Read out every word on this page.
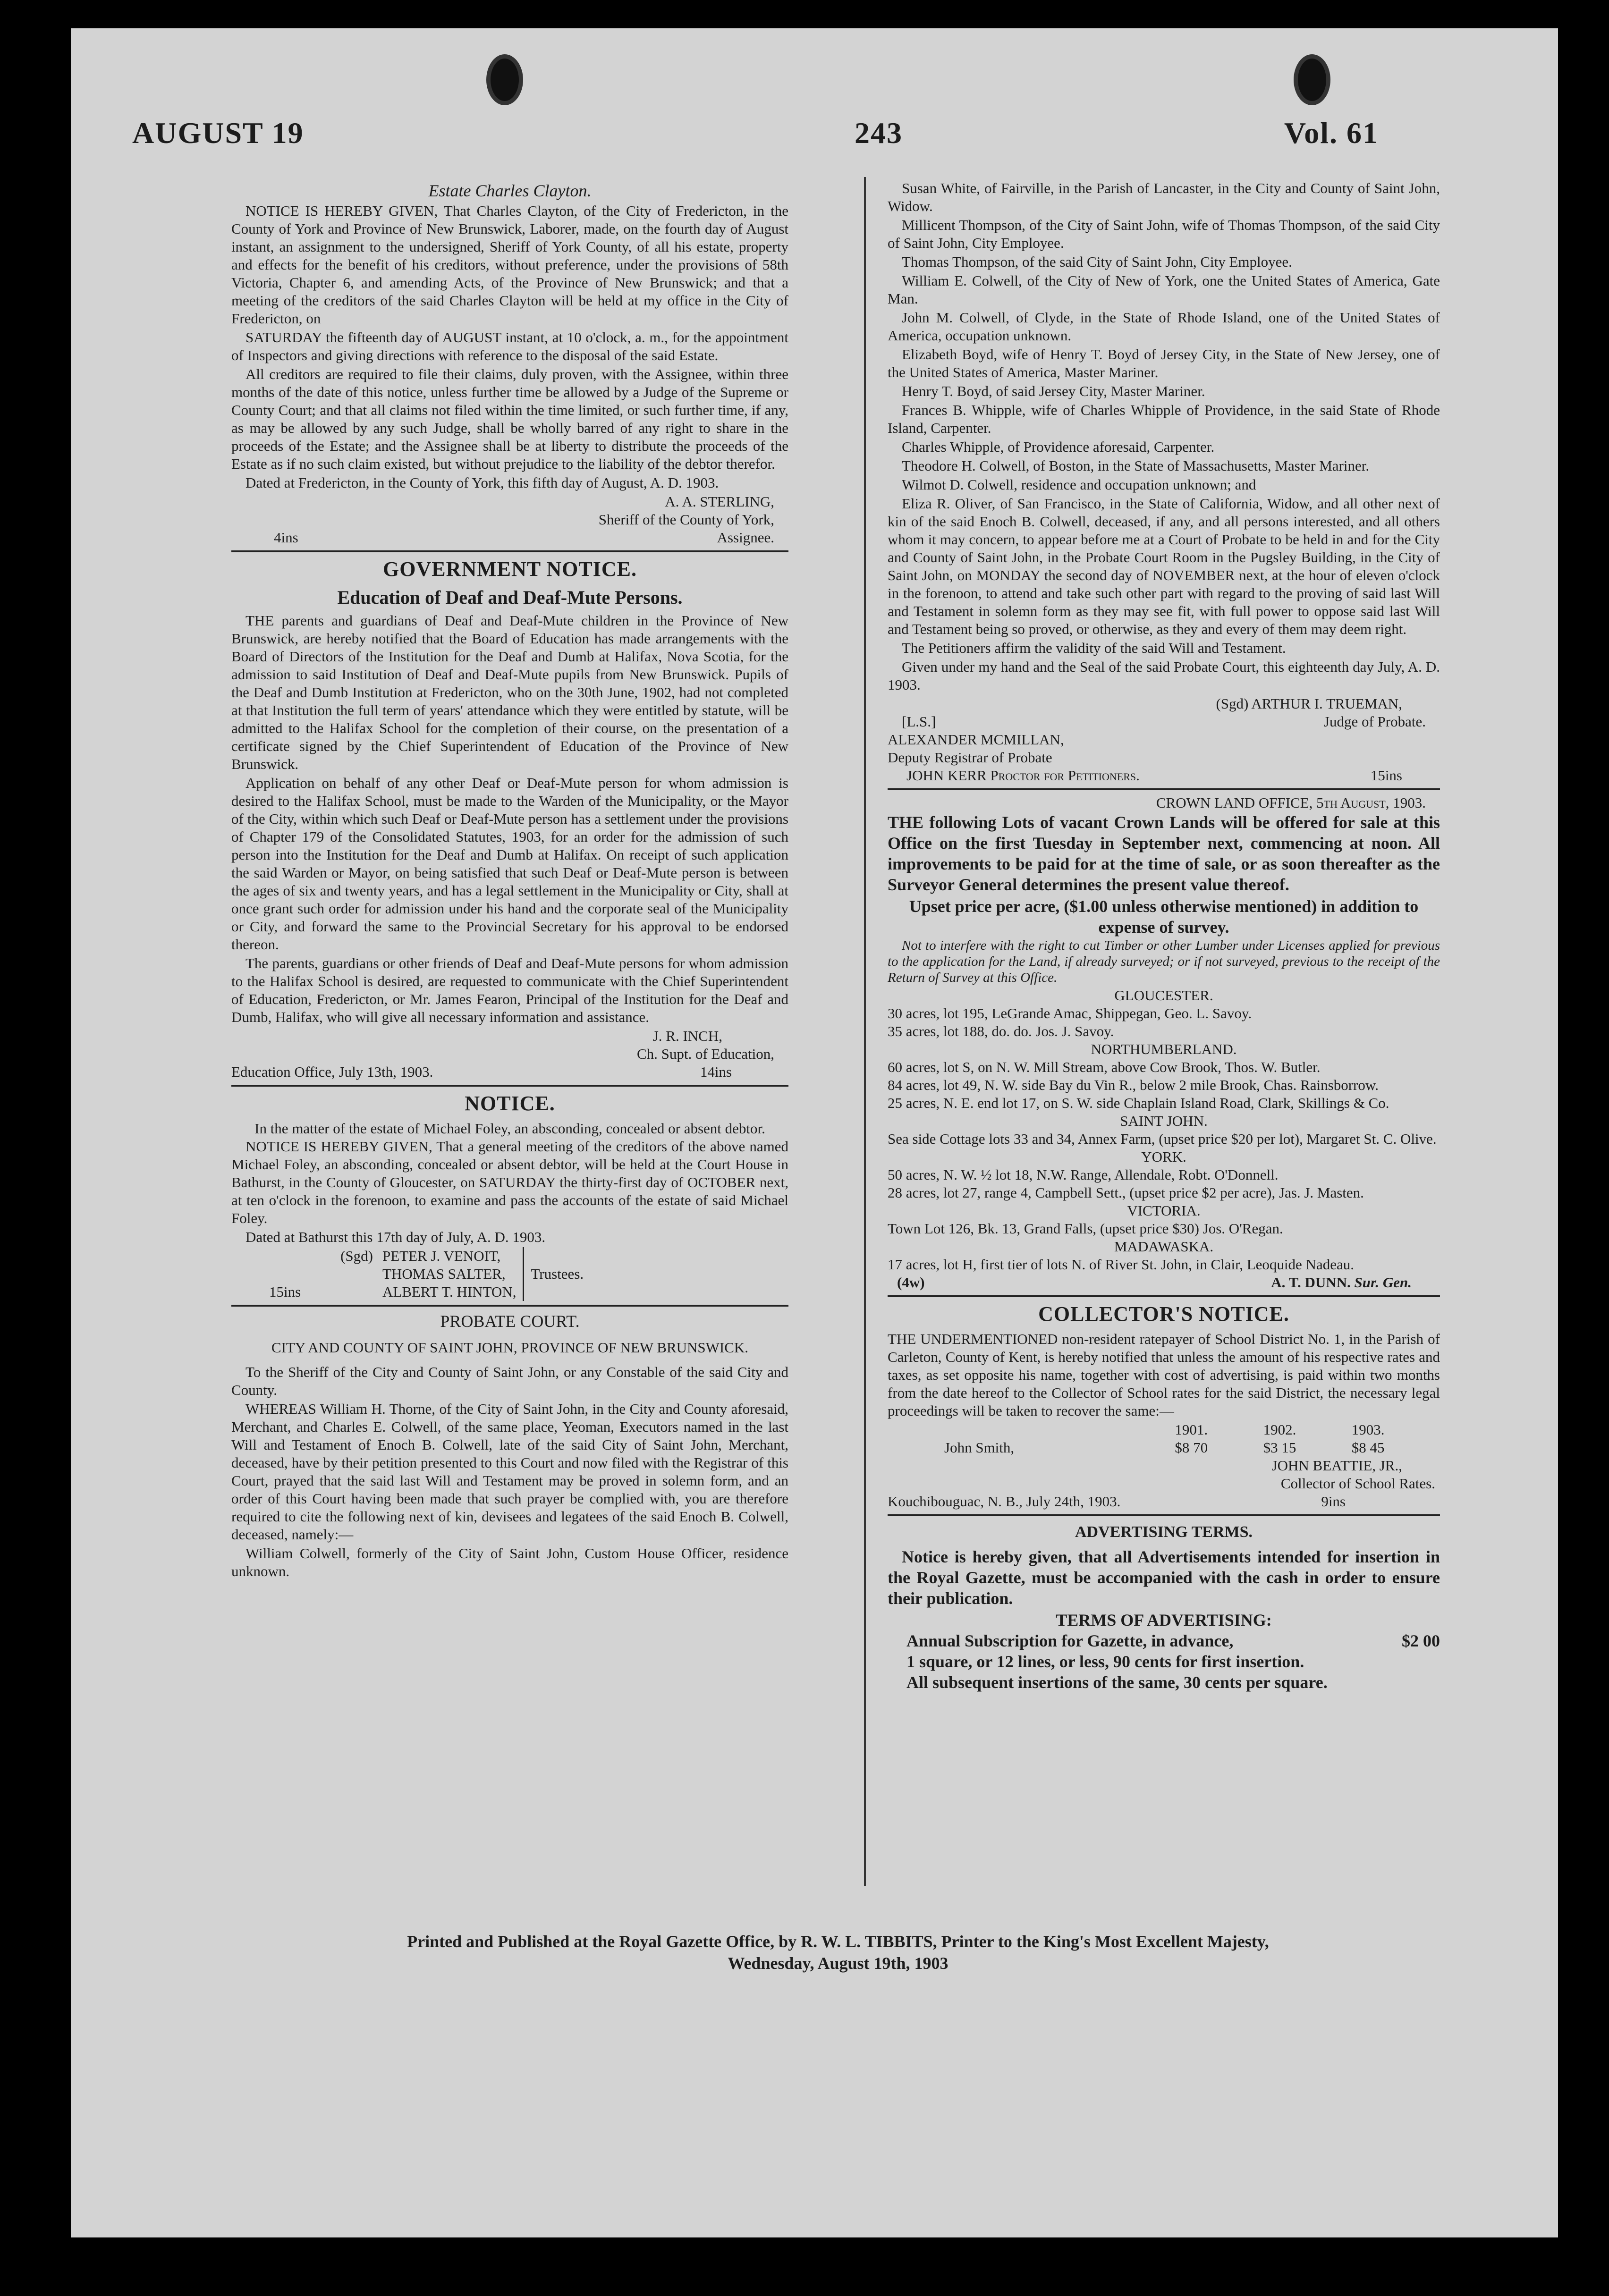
AUGUST 19	243	Vol. 61
Estate Charles Clayton.

NOTICE IS HEREBY GIVEN, That Charles Clayton, of the City of Fredericton, in the County of York and Province of New Brunswick, Laborer, made, on the fourth day of August instant, an assignment to the undersigned, Sheriff of York County, of all his estate, property and effects for the benefit of his creditors, without preference, under the provisions of 58th Victoria, Chapter 6, and amending Acts, of the Province of New Brunswick; and that a meeting of the creditors of the said Charles Clayton will be held at my office in the City of Fredericton, on

SATURDAY the fifteenth day of AUGUST instant, at 10 o'clock, a. m., for the appointment of Inspectors and giving directions with reference to the disposal of the said Estate.

All creditors are required to file their claims, duly proven, with the Assignee, within three months of the date of this notice, unless further time be allowed by a Judge of the Supreme or County Court; and that all claims not filed within the time limited, or such further time, if any, as may be allowed by any such Judge, shall be wholly barred of any right to share in the proceeds of the Estate; and the Assignee shall be at liberty to distribute the proceeds of the Estate as if no such claim existed, but without prejudice to the liability of the debtor therefor.

Dated at Fredericton, in the County of York, this fifth day of August, A. D. 1903.

A. A. STERLING,
Sheriff of the County of York,
4ins	Assignee.
GOVERNMENT NOTICE.
Education of Deaf and Deaf-Mute Persons.

THE parents and guardians of Deaf and Deaf-Mute children in the Province of New Brunswick, are hereby notified that the Board of Education has made arrangements with the Board of Directors of the Institution for the Deaf and Dumb at Halifax, Nova Scotia, for the admission to said Institution of Deaf and Deaf-Mute pupils from New Brunswick. Pupils of the Deaf and Dumb Institution at Fredericton, who on the 30th June, 1902, had not completed at that Institution the full term of years' attendance which they were entitled by statute, will be admitted to the Halifax School for the completion of their course, on the presentation of a certificate signed by the Chief Superintendent of Education of the Province of New Brunswick.

Application on behalf of any other Deaf or Deaf-Mute person for whom admission is desired to the Halifax School, must be made to the Warden of the Municipality, or the Mayor of the City, within which such Deaf or Deaf-Mute person has a settlement under the provisions of Chapter 179 of the Consolidated Statutes, 1903, for an order for the admission of such person into the Institution for the Deaf and Dumb at Halifax. On receipt of such application the said Warden or Mayor, on being satisfied that such Deaf or Deaf-Mute person is between the ages of six and twenty years, and has a legal settlement in the Municipality or City, shall at once grant such order for admission under his hand and the corporate seal of the Municipality or City, and forward the same to the Provincial Secretary for his approval to be endorsed thereon.

The parents, guardians or other friends of Deaf and Deaf-Mute persons for whom admission to the Halifax School is desired, are requested to communicate with the Chief Superintendent of Education, Fredericton, or Mr. James Fearon, Principal of the Institution for the Deaf and Dumb, Halifax, who will give all necessary information and assistance.

J. R. INCH,
Ch. Supt. of Education,
Education Office, July 13th, 1903.	14ins
NOTICE.
In the matter of the estate of Michael Foley, an absconding, concealed or absent debtor.

NOTICE IS HEREBY GIVEN, That a general meeting of the creditors of the above named Michael Foley, an absconding, concealed or absent debtor, will be held at the Court House in Bathurst, in the County of Gloucester, on SATURDAY the thirty-first day of OCTOBER next, at ten o'clock in the forenoon, to examine and pass the accounts of the estate of said Michael Foley.

Dated at Bathurst this 17th day of July, A. D. 1903.

(Sgd)
15ins
PETER J. VENOIT,
THOMAS SALTER,
ALBERT T. HINTON,
Trustees.
PROBATE COURT.
CITY AND COUNTY OF SAINT JOHN, PROVINCE OF NEW BRUNSWICK.

To the Sheriff of the City and County of Saint John, or any Constable of the said City and County.

WHEREAS William H. Thorne, of the City of Saint John, in the City and County aforesaid, Merchant, and Charles E. Colwell, of the same place, Yeoman, Executors named in the last Will and Testament of Enoch B. Colwell, late of the said City of Saint John, Merchant, deceased, have by their petition presented to this Court and now filed with the Registrar of this Court, prayed that the said last Will and Testament may be proved in solemn form, and an order of this Court having been made that such prayer be complied with, you are therefore required to cite the following next of kin, devisees and legatees of the said Enoch B. Colwell, deceased, namely:—

William Colwell, formerly of the City of Saint John, Custom House Officer, residence unknown.

Susan White, of Fairville, in the Parish of Lancaster, in the City and County of Saint John, Widow.

Millicent Thompson, of the City of Saint John, wife of Thomas Thompson, of the said City of Saint John, City Employee.

Thomas Thompson, of the said City of Saint John, City Employee.

William E. Colwell, of the City of New of York, one the United States of America, Gate Man.

John M. Colwell, of Clyde, in the State of Rhode Island, one of the United States of America, occupation unknown.

Elizabeth Boyd, wife of Henry T. Boyd of Jersey City, in the State of New Jersey, one of the United States of America, Master Mariner.

Henry T. Boyd, of said Jersey City, Master Mariner.

Frances B. Whipple, wife of Charles Whipple of Providence, in the said State of Rhode Island, Carpenter.

Charles Whipple, of Providence aforesaid, Carpenter.

Theodore H. Colwell, of Boston, in the State of Massachusetts, Master Mariner.

Wilmot D. Colwell, residence and occupation unknown; and

Eliza R. Oliver, of San Francisco, in the State of California, Widow, and all other next of kin of the said Enoch B. Colwell, deceased, if any, and all persons interested, and all others whom it may concern, to appear before me at a Court of Probate to be held in and for the City and County of Saint John, in the Probate Court Room in the Pugsley Building, in the City of Saint John, on MONDAY the second day of NOVEMBER next, at the hour of eleven o'clock in the forenoon, to attend and take such other part with regard to the proving of said last Will and Testament in solemn form as they may see fit, with full power to oppose said last Will and Testament being so proved, or otherwise, as they and every of them may deem right.

The Petitioners affirm the validity of the said Will and Testament.

Given under my hand and the Seal of the said Probate Court, this eighteenth day July, A. D. 1903.

(Sgd) ARTHUR I. TRUEMAN,
[L.S.]	Judge of Probate.
ALEXANDER MCMILLAN,
Deputy Registrar of Probate
JOHN KERR Proctor for Petitioners.	15ins
CROWN LAND OFFICE, 5th August, 1903.

THE following Lots of vacant Crown Lands will be offered for sale at this Office on the first Tuesday in September next, commencing at noon. All improvements to be paid for at the time of sale, or as soon thereafter as the Surveyor General determines the present value thereof.

Upset price per acre, ($1.00 unless otherwise mentioned) in addition to expense of survey.

Not to interfere with the right to cut Timber or other Lumber under Licenses applied for previous to the application for the Land, if already surveyed; or if not surveyed, previous to the receipt of the Return of Survey at this Office.

GLOUCESTER.
30 acres, lot 195, LeGrande Amac, Shippegan, Geo. L. Savoy.
35 acres, lot 188, do. do. Jos. J. Savoy.
NORTHUMBERLAND.
60 acres, lot S, on N. W. Mill Stream, above Cow Brook, Thos. W. Butler.
84 acres, lot 49, N. W. side Bay du Vin R., below 2 mile Brook, Chas. Rainsborrow.
25 acres, N. E. end lot 17, on S. W. side Chaplain Island Road, Clark, Skillings & Co.
SAINT JOHN.
Sea side Cottage lots 33 and 34, Annex Farm, (upset price $20 per lot), Margaret St. C. Olive.
YORK.
50 acres, N. W. ½ lot 18, N.W. Range, Allendale, Robt. O'Donnell.
28 acres, lot 27, range 4, Campbell Sett., (upset price $2 per acre), Jas. J. Masten.
VICTORIA.
Town Lot 126, Bk. 13, Grand Falls, (upset price $30) Jos. O'Regan.
MADAWASKA.
17 acres, lot H, first tier of lots N. of River St. John, in Clair, Leoquide Nadeau.
(4w)	A. T. DUNN. Sur. Gen.
COLLECTOR'S NOTICE.

THE UNDERMENTIONED non-resident ratepayer of School District No. 1, in the Parish of Carleton, County of Kent, is hereby notified that unless the amount of his respective rates and taxes, as set opposite his name, together with cost of advertising, is paid within two months from the date hereof to the Collector of School rates for the said District, the necessary legal proceedings will be taken to recover the same:—

	1901.	1902.	1903.
John Smith,	$8 70	$3 15	$8 45
JOHN BEATTIE, JR.,
Collector of School Rates.
Kouchibouguac, N. B., July 24th, 1903.	9ins
ADVERTISING TERMS.

Notice is hereby given, that all Advertisements intended for insertion in the Royal Gazette, must be accompanied with the cash in order to ensure their publication.

TERMS OF ADVERTISING:
Annual Subscription for Gazette, in advance,	$2 00
1 square, or 12 lines, or less, 90 cents for first insertion.
All subsequent insertions of the same, 30 cents per square.
Printed and Published at the Royal Gazette Office, by R. W. L. TIBBITS, Printer to the King's Most Excellent Majesty,
Wednesday, August 19th, 1903
